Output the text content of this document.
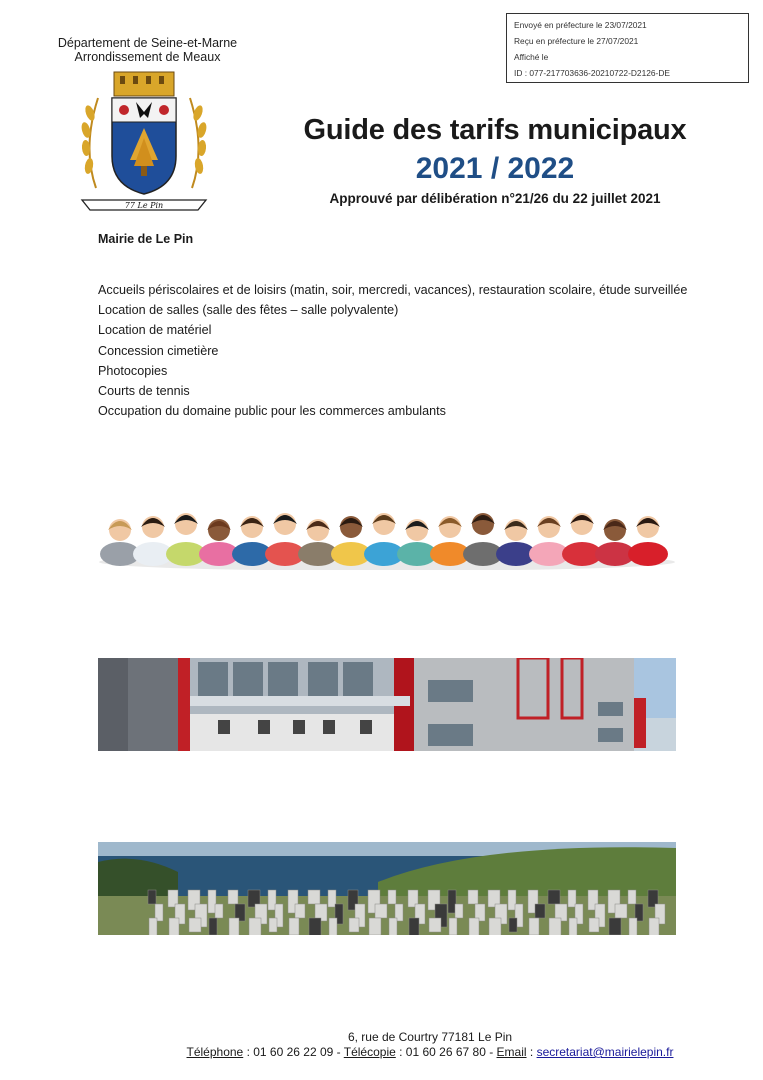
Envoyé en préfecture le 23/07/2021
Reçu en préfecture le 27/07/2021
Affiché le
ID : 077-217703636-20210722-D2126-DE
Département de Seine-et-Marne
Arrondissement de Meaux
77 Le Pin
Mairie de Le Pin
Guide des tarifs municipaux
2021 / 2022
Approuvé par délibération n°21/26 du 22 juillet 2021
Accueils périscolaires et de loisirs (matin, soir, mercredi, vacances), restauration scolaire, étude surveillée
Location de salles (salle des fêtes – salle polyvalente)
Location de matériel
Concession cimetière
Photocopies
Courts de tennis
Occupation du domaine public pour les commerces ambulants
6, rue de Courtry 77181 Le Pin
Téléphone : 01 60 26 22 09 - Télécopie : 01 60 26 67 80 - Email : secretariat@mairielepin.fr
